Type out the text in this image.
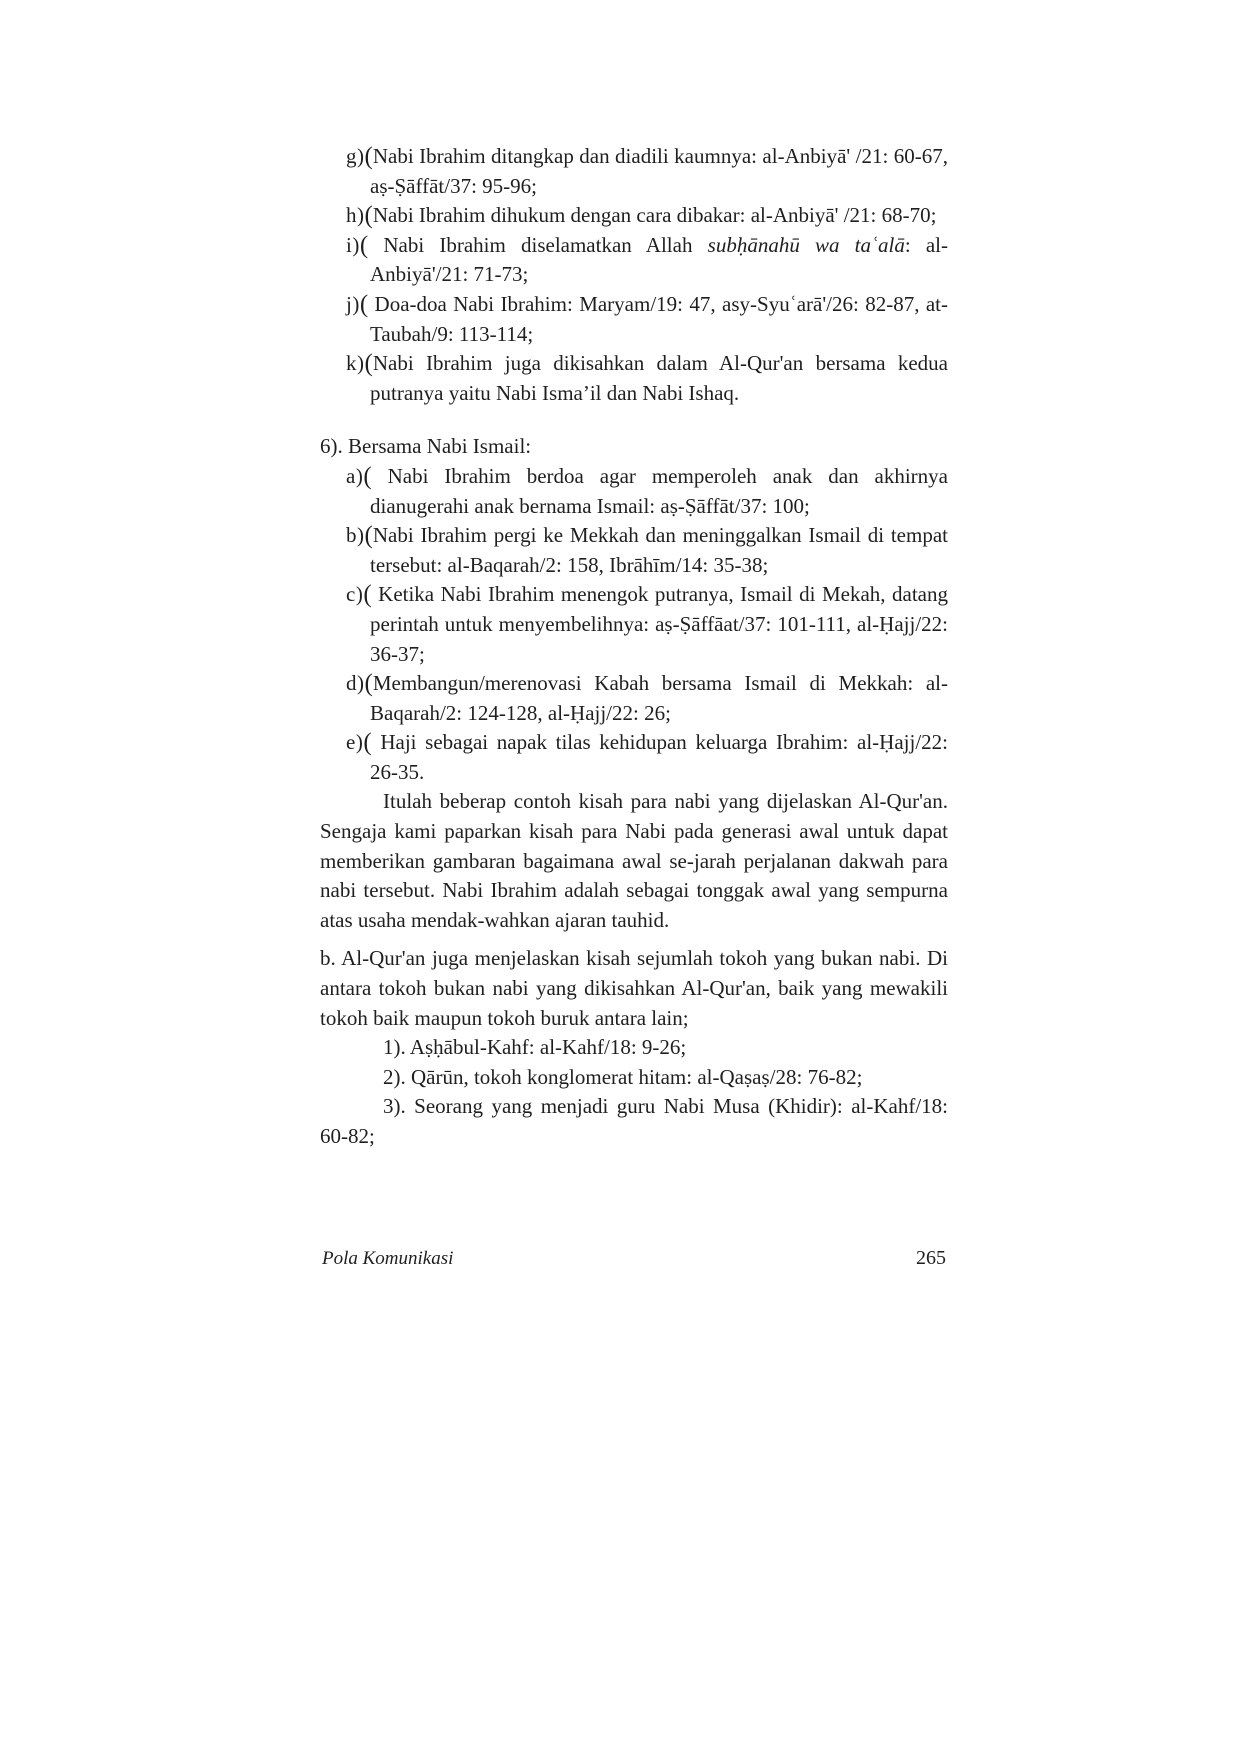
g)(Nabi Ibrahim ditangkap dan diadili kaumnya: al-Anbiyā' /21: 60-67, aṣ-Ṣāffāt/37: 95-96;
h)(Nabi Ibrahim dihukum dengan cara dibakar: al-Anbiyā' /21: 68-70;
i)( Nabi Ibrahim diselamatkan Allah subḥānahū wa taʿalā: al-Anbiyā'/21: 71-73;
j)( Doa-doa Nabi Ibrahim: Maryam/19: 47, asy-Syuʿarā'/26: 82-87, at-Taubah/9: 113-114;
k)(Nabi Ibrahim juga dikisahkan dalam Al-Qur'an bersama kedua putranya yaitu Nabi Isma’il dan Nabi Ishaq.
6). Bersama Nabi Ismail:
a)( Nabi Ibrahim berdoa agar memperoleh anak dan akhirnya dianugerahi anak bernama Ismail: aṣ-Ṣāffāt/37: 100;
b)(Nabi Ibrahim pergi ke Mekkah dan meninggalkan Ismail di tempat tersebut: al-Baqarah/2: 158, Ibrāhīm/14: 35-38;
c)( Ketika Nabi Ibrahim menengok putranya, Ismail di Mekah, datang perintah untuk menyembelihnya: aṣ-Ṣāffāat/37: 101-111, al-Ḥajj/22: 36-37;
d)(Membangun/merenovasi Kabah bersama Ismail di Mekkah: al-Baqarah/2: 124-128, al-Ḥajj/22: 26;
e)( Haji sebagai napak tilas kehidupan keluarga Ibrahim: al-Ḥajj/22: 26-35.
Itulah beberap contoh kisah para nabi yang dijelaskan Al-Qur'an. Sengaja kami paparkan kisah para Nabi pada generasi awal untuk dapat memberikan gambaran bagaimana awal se-jarah perjalanan dakwah para nabi tersebut. Nabi Ibrahim adalah sebagai tonggak awal yang sempurna atas usaha mendak-wahkan ajaran tauhid.
b. Al-Qur'an juga menjelaskan kisah sejumlah tokoh yang bukan nabi. Di antara tokoh bukan nabi yang dikisahkan Al-Qur'an, baik yang mewakili tokoh baik maupun tokoh buruk antara lain;
1). Aṣḥābul-Kahf: al-Kahf/18: 9-26;
2). Qārūn, tokoh konglomerat hitam: al-Qaṣaṣ/28: 76-82;
3). Seorang yang menjadi guru Nabi Musa (Khidir): al-Kahf/18: 60-82;
Pola Komunikasi	265
